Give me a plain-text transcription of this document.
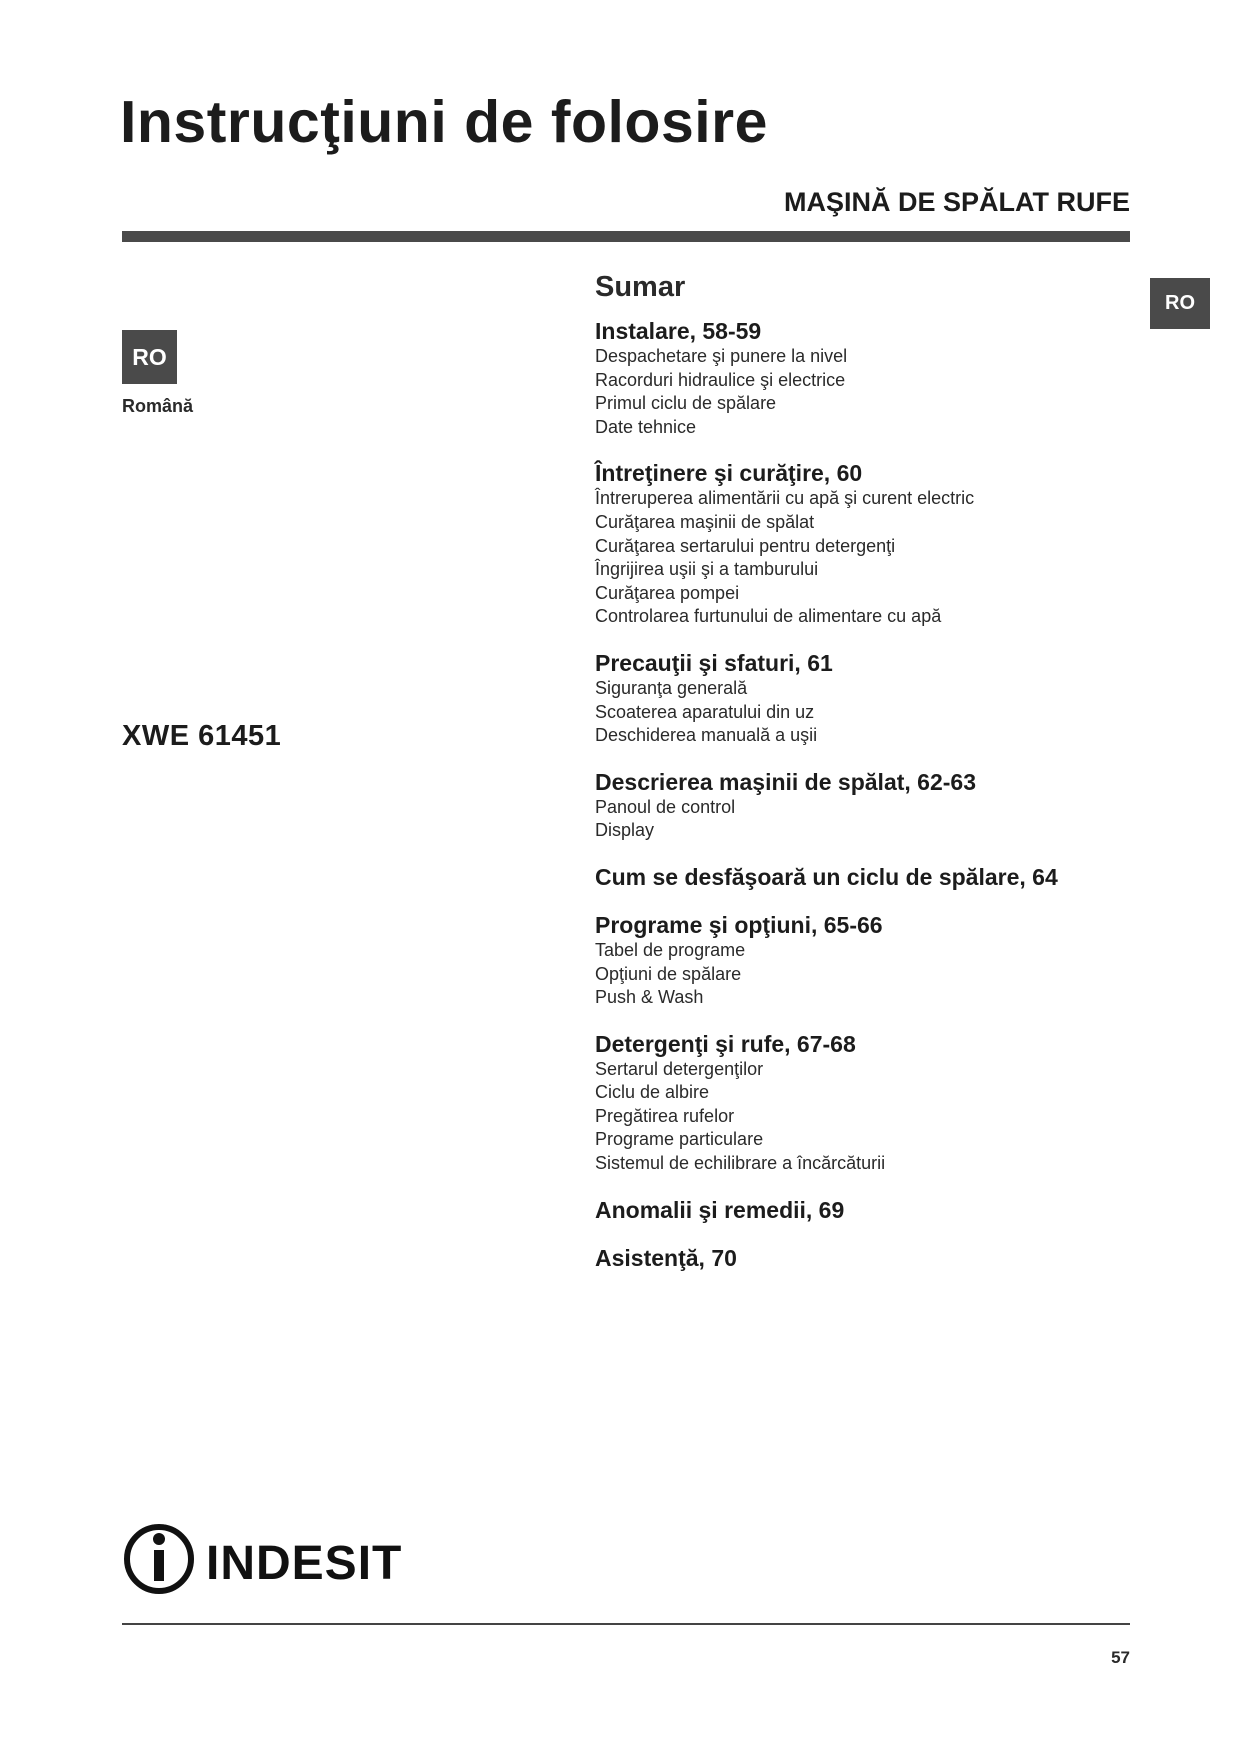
Instrucţiuni de folosire
MAŞINĂ DE SPĂLAT RUFE
RO
RO
Română
XWE 61451
Sumar
Instalare, 58-59
Despachetare şi punere la nivel
Racorduri hidraulice şi electrice
Primul ciclu de spălare
Date tehnice
Întreţinere şi curăţire, 60
Întreruperea alimentării cu apă şi curent electric
Curăţarea maşinii de spălat
Curăţarea sertarului pentru detergenţi
Îngrijirea uşii şi a tamburului
Curăţarea pompei
Controlarea furtunului de alimentare cu apă
Precauţii şi sfaturi, 61
Siguranţa generală
Scoaterea aparatului din uz
Deschiderea manuală a uşii
Descrierea maşinii de spălat, 62-63
Panoul de control
Display
Cum se desfăşoară un ciclu de spălare, 64
Programe şi opţiuni, 65-66
Tabel de programe
Opţiuni de spălare
Push & Wash
Detergenţi şi rufe, 67-68
Sertarul detergenţilor
Ciclu de albire
Pregătirea rufelor
Programe particulare
Sistemul de echilibrare a încărcăturii
Anomalii şi remedii, 69
Asistenţă, 70
INDESIT
57
